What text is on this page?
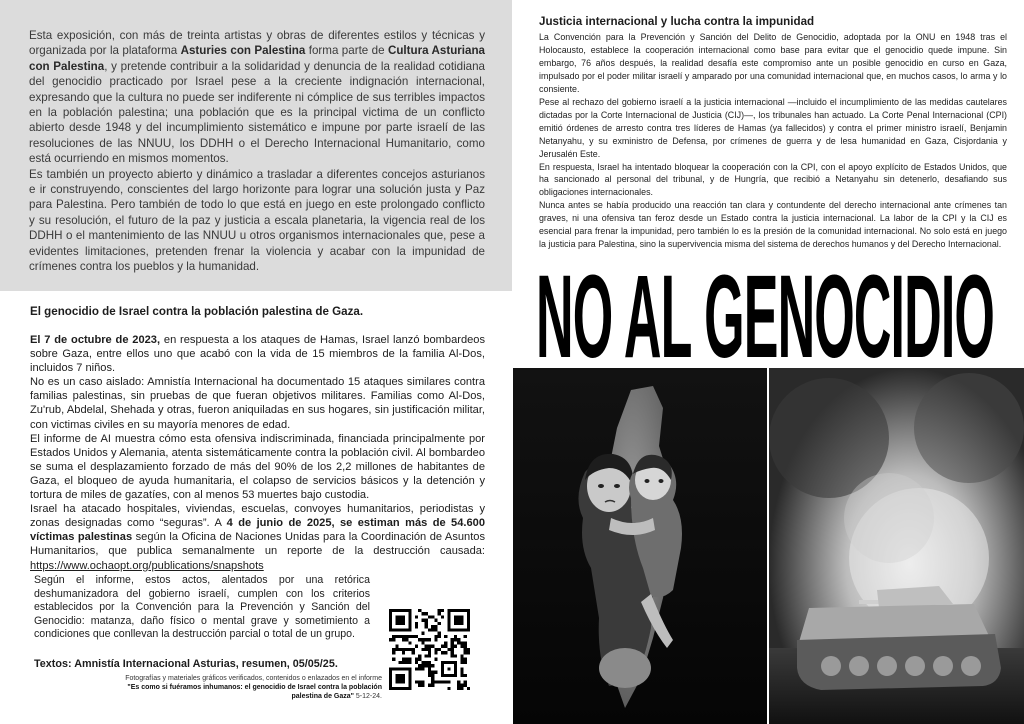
Esta exposición, con más de treinta artistas y obras de diferentes estilos y técnicas y organizada por la plataforma Asturies con Palestina forma parte de Cultura Asturiana con Palestina, y pretende contribuir a la solidaridad y denuncia de la realidad cotidiana del genocidio practicado por Israel pese a la creciente indignación internacional, expresando que la cultura no puede ser indiferente ni cómplice de sus terribles impactos en la población palestina; una población que es la principal victima de un conflicto abierto desde 1948 y del incumplimiento sistemático e impune por parte israelí de las resoluciones de las NNUU, los DDHH o el Derecho Internacional Humanitario, como está ocurriendo en mismos momentos.
Es también un proyecto abierto y dinámico a trasladar a diferentes concejos asturianos e ir construyendo, conscientes del largo horizonte para lograr una solución justa y Paz para Palestina. Pero también de todo lo que está en juego en este prolongado conflicto y su resolución, el futuro de la paz y justicia a escala planetaria, la vigencia real de los DDHH o el mantenimiento de las NNUU u otros organismos internacionales que, pese a evidentes limitaciones, pretenden frenar la violencia y acabar con la impunidad de crímenes contra los pueblos y la humanidad.

El genocidio de Israel contra la población palestina de Gaza.

El 7 de octubre de 2023, en respuesta a los ataques de Hamas, Israel lanzó bombardeos sobre Gaza, entre ellos uno que acabó con la vida de 15 miembros de la familia Al-Dos, incluidos 7 niños.

No es un caso aislado: Amnistía Internacional ha documentado 15 ataques similares contra familias palestinas, sin pruebas de que fueran objetivos militares. Familias como Al-Dos, Zu'rub, Abdelal, Shehada y otras, fueron aniquiladas en sus hogares, sin justificación militar, con victimas civiles en su mayoría menores de edad.

El informe de AI muestra cómo esta ofensiva indiscriminada, financiada principalmente por Estados Unidos y Alemania, atenta sistemáticamente contra la población civil. Al bombardeo se suma el desplazamiento forzado de más del 90% de los 2,2 millones de habitantes de Gaza, el bloqueo de ayuda humanitaria, el colapso de servicios básicos y la detención y tortura de miles de gazatíes, con al menos 53 muertes bajo custodia.

Israel ha atacado hospitales, viviendas, escuelas, convoyes humanitarios, periodistas y zonas designadas como “seguras”. A 4 de junio de 2025, se estiman más de 54.600 víctimas palestinas según la Oficina de Naciones Unidas para la Coordinación de Asuntos Humanitarios, que publica semanalmente un reporte de la destrucción causada: https://www.ochaopt.org/publications/snapshots

Según el informe, estos actos, alentados por una retórica deshumanizadora del gobierno israelí, cumplen con los criterios establecidos por la Convención para la Prevención y Sanción del Genocidio: matanza, daño físico o mental grave y sometimiento a condiciones que conllevan la destrucción parcial o total de un grupo.

Textos: Amnistía Internacional Asturias, resumen, 05/05/25.

Fotografías y materiales gráficos verificados, contenidos o enlazados en el informe
"Es como si fuéramos inhumanos: el genocidio de Israel contra la población palestina de Gaza" 5-12-24.

Justicia internacional y lucha contra la impunidad

La Convención para la Prevención y Sanción del Delito de Genocidio, adoptada por la ONU en 1948 tras el Holocausto, establece la cooperación internacional como base para evitar que el genocidio quede impune. Sin embargo, 76 años después, la realidad desafía este compromiso ante un posible genocidio en curso en Gaza, impulsado por el poder militar israelí y amparado por una comunidad internacional que, en muchos casos, lo arma y lo consiente.

Pese al rechazo del gobierno israelí a la justicia internacional —incluido el incumplimiento de las medidas cautelares dictadas por la Corte Internacional de Justicia (CIJ)—, los tribunales han actuado. La Corte Penal Internacional (CPI) emitió órdenes de arresto contra tres líderes de Hamas (ya fallecidos) y contra el primer ministro israelí, Benjamin Netanyahu, y su exministro de Defensa, por crímenes de guerra y de lesa humanidad en Gaza, Cisjordania y Jerusalén Este.

En respuesta, Israel ha intentado bloquear la cooperación con la CPI, con el apoyo explícito de Estados Unidos, que ha sancionado al personal del tribunal, y de Hungría, que recibió a Netanyahu sin detenerlo, desafiando sus obligaciones internacionales.

Nunca antes se había producido una reacción tan clara y contundente del derecho internacional ante crímenes tan graves, ni una ofensiva tan feroz desde un Estado contra la justicia internacional. La labor de la CPI y la CIJ es esencial para frenar la impunidad, pero también lo es la presión de la comunidad internacional. No solo está en juego la justicia para Palestina, sino la supervivencia misma del sistema de derechos humanos y del Derecho Internacional.

NO AL GENOCIDIO
